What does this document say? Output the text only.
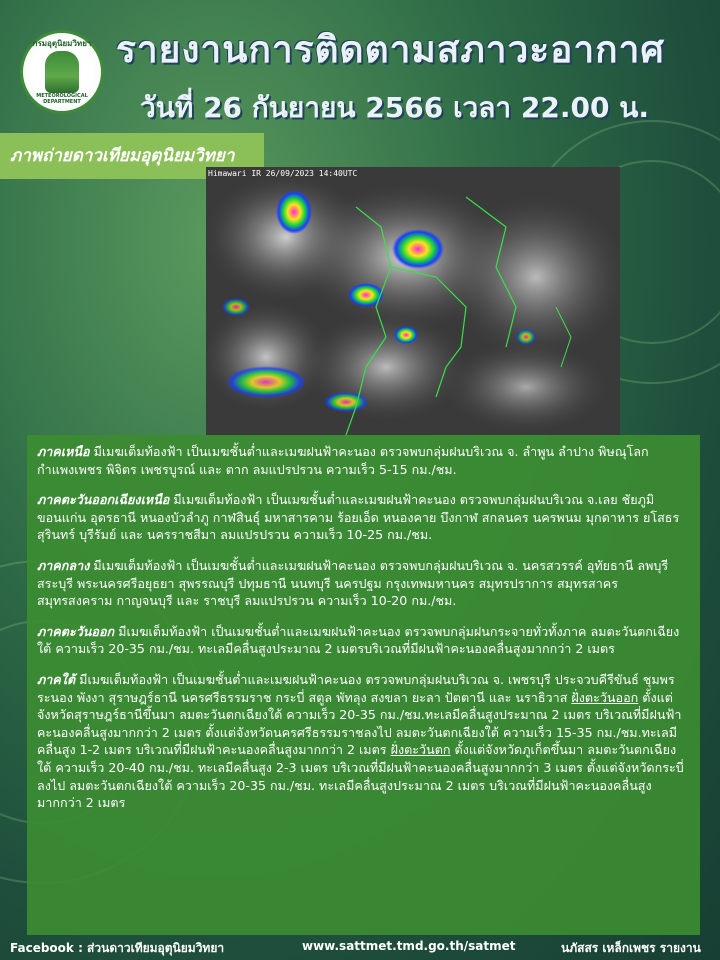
กรมอุตุนิยมวิทยา
METEOROLOGICAL DEPARTMENT
รายงานการติดตามสภาวะอากาศ
วันที่ 26 กันยายน 2566 เวลา 22.00 น.
ภาพถ่ายดาวเทียมอุตุนิยมวิทยา
Himawari IR 26/09/2023 14:40UTC

ภาคเหนือ มีเมฆเต็มท้องฟ้า เป็นเมฆชั้นต่ำและเมฆฝนฟ้าคะนอง ตรวจพบกลุ่มฝนบริเวณ จ. ลำพูน ลำปาง พิษณุโลก กำแพงเพชร พิจิตร เพชรบูรณ์ และ ตาก ลมแปรปรวน ความเร็ว 5-15 กม./ชม.

ภาคตะวันออกเฉียงเหนือ มีเมฆเต็มท้องฟ้า เป็นเมฆชั้นต่ำและเมฆฝนฟ้าคะนอง ตรวจพบกลุ่มฝนบริเวณ จ.เลย ชัยภูมิ ขอนแก่น อุดรธานี หนองบัวลำภู กาฬสินธุ์ มหาสารคาม ร้อยเอ็ด หนองคาย บึงกาฬ สกลนคร นครพนม มุกดาหาร ยโสธร สุรินทร์ บุรีรัมย์ และ นครราชสีมา ลมแปรปรวน ความเร็ว 10-25 กม./ชม.

ภาคกลาง มีเมฆเต็มท้องฟ้า เป็นเมฆชั้นต่ำและเมฆฝนฟ้าคะนอง ตรวจพบกลุ่มฝนบริเวณ จ. นครสวรรค์ อุทัยธานี ลพบุรี สระบุรี พระนครศรีอยุธยา สุพรรณบุรี ปทุมธานี นนทบุรี นครปฐม กรุงเทพมหานคร สมุทรปราการ สมุทรสาคร สมุทรสงคราม กาญจนบุรี และ ราชบุรี ลมแปรปรวน ความเร็ว 10-20 กม./ชม.

ภาคตะวันออก มีเมฆเต็มท้องฟ้า เป็นเมฆชั้นต่ำและเมฆฝนฟ้าคะนอง ตรวจพบกลุ่มฝนกระจายทั่วทั้งภาค ลมตะวันตกเฉียงใต้ ความเร็ว 20-35 กม./ชม. ทะเลมีคลื่นสูงประมาณ 2 เมตรบริเวณที่มีฝนฟ้าคะนองคลื่นสูงมากกว่า 2 เมตร

ภาคใต้ มีเมฆเต็มท้องฟ้า เป็นเมฆชั้นต่ำและเมฆฝนฟ้าคะนอง ตรวจพบกลุ่มฝนบริเวณ จ. เพชรบุรี ประจวบคีรีขันธ์ ชุมพร ระนอง พังงา สุราษฎร์ธานี นครศรีธรรมราช กระบี่ สตูล พัทลุง สงขลา ยะลา ปัตตานี และ นราธิวาส ฝั่งตะวันออก ตั้งแต่จังหวัดสุราษฎร์ธานีขึ้นมา ลมตะวันตกเฉียงใต้ ความเร็ว 20-35 กม./ชม.ทะเลมีคลื่นสูงประมาณ 2 เมตร บริเวณที่มีฝนฟ้าคะนองคลื่นสูงมากกว่า 2 เมตร ตั้งแต่จังหวัดนครศรีธรรมราชลงไป ลมตะวันตกเฉียงใต้ ความเร็ว 15-35 กม./ชม.ทะเลมีคลื่นสูง 1-2 เมตร บริเวณที่มีฝนฟ้าคะนองคลื่นสูงมากกว่า 2 เมตร ฝั่งตะวันตก ตั้งแต่จังหวัดภูเก็ตขึ้นมา ลมตะวันตกเฉียงใต้ ความเร็ว 20-40 กม./ชม. ทะเลมีคลื่นสูง 2-3 เมตร บริเวณที่มีฝนฟ้าคะนองคลื่นสูงมากกว่า 3 เมตร ตั้งแต่จังหวัดกระบี่ลงไป ลมตะวันตกเฉียงใต้ ความเร็ว 20-35 กม./ชม. ทะเลมีคลื่นสูงประมาณ 2 เมตร บริเวณที่มีฝนฟ้าคะนองคลื่นสูงมากกว่า 2 เมตร

Facebook : ส่วนดาวเทียมอุตุนิยมวิทยา	www.sattmet.tmd.go.th/satmet	นภัสสร เหล็กเพชร รายงาน
